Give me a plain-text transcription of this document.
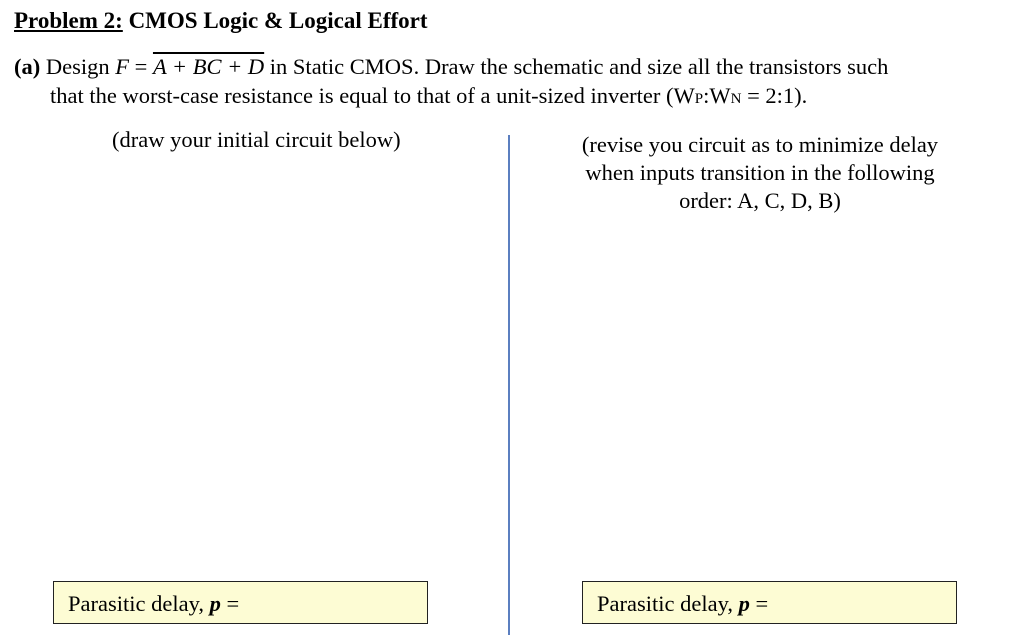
Problem 2: CMOS Logic & Logical Effort
(a) Design F = A + BC + D in Static CMOS. Draw the schematic and size all the transistors such
that the worst-case resistance is equal to that of a unit-sized inverter (WP:WN = 2:1).
(draw your initial circuit below)	(revise you circuit as to minimize delay when inputs transition in the following order: A, C, D, B)
Parasitic delay, p =	Parasitic delay, p =
